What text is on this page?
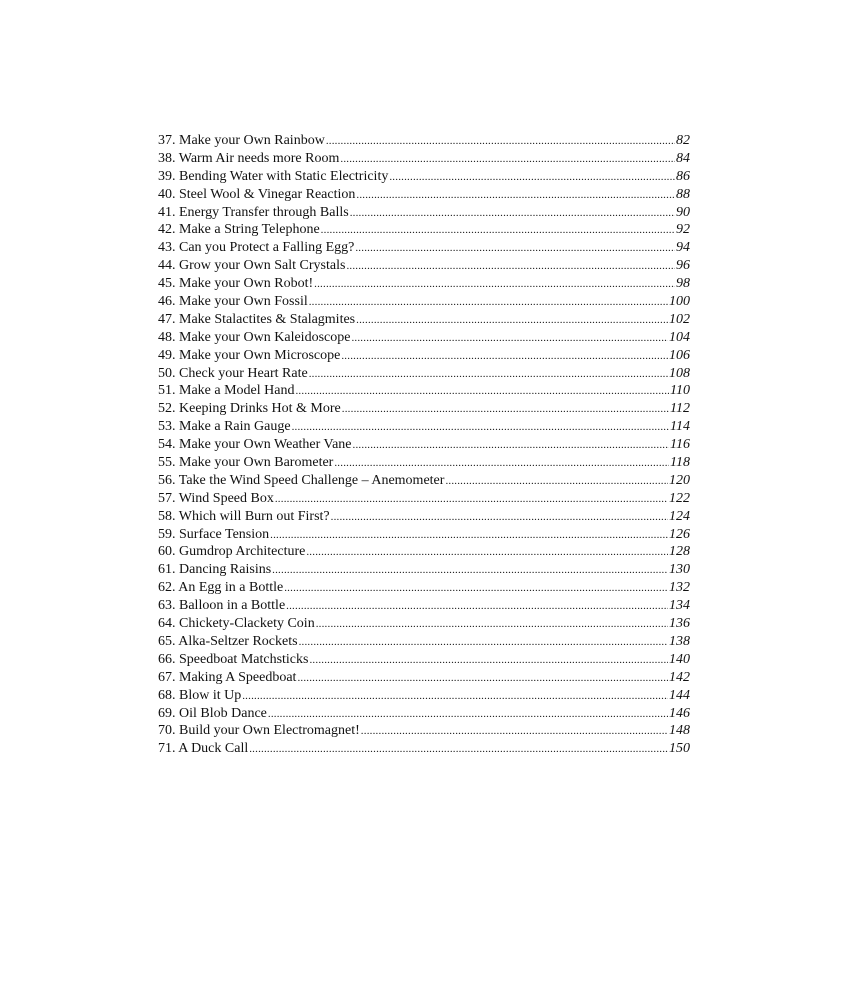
37. Make your Own Rainbow .....	82
38. Warm Air needs more Room .....	84
39. Bending Water with Static Electricity .....	86
40. Steel Wool & Vinegar Reaction .....	88
41. Energy Transfer through Balls .....	90
42. Make a String Telephone .....	92
43. Can you Protect a Falling Egg? .....	94
44. Grow your Own Salt Crystals .....	96
45. Make your Own Robot! .....	98
46. Make your Own Fossil .....	100
47. Make Stalactites & Stalagmites .....	102
48. Make your Own Kaleidoscope .....	104
49. Make your Own Microscope .....	106
50. Check your Heart Rate .....	108
51. Make a Model Hand .....	110
52. Keeping Drinks Hot & More .....	112
53. Make a Rain Gauge .....	114
54. Make your Own Weather Vane .....	116
55. Make your Own Barometer .....	118
56. Take the Wind Speed Challenge – Anemometer .....	120
57. Wind Speed Box .....	122
58. Which will Burn out First? .....	124
59. Surface Tension .....	126
60. Gumdrop Architecture .....	128
61. Dancing Raisins .....	130
62. An Egg in a Bottle .....	132
63. Balloon in a Bottle .....	134
64. Chickety-Clackety Coin .....	136
65. Alka-Seltzer Rockets .....	138
66. Speedboat Matchsticks .....	140
67. Making A Speedboat .....	142
68. Blow it Up .....	144
69. Oil Blob Dance .....	146
70. Build your Own Electromagnet! .....	148
71. A Duck Call .....	150
